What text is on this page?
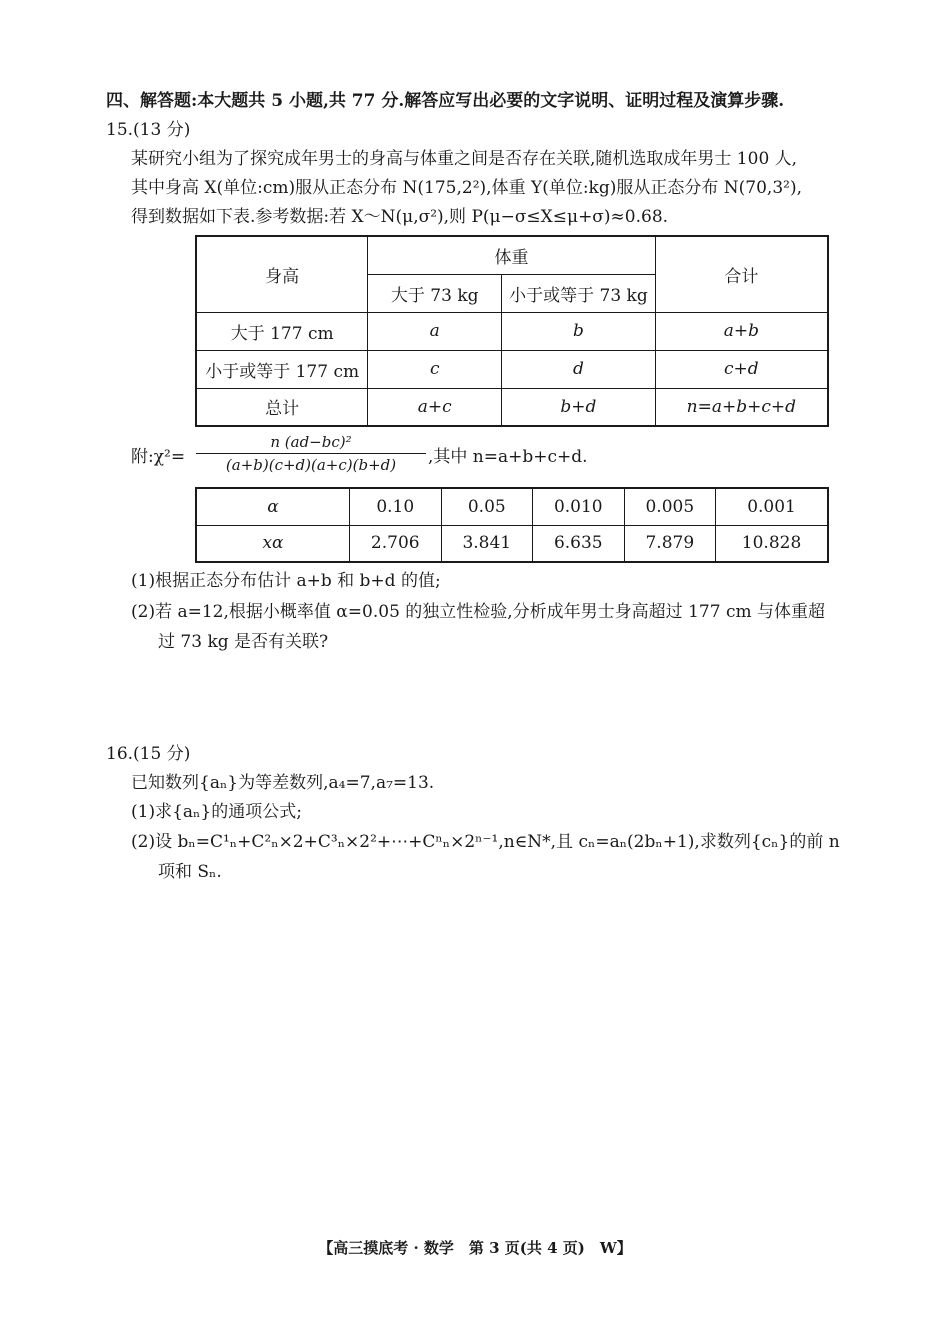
四、解答题:本大题共 5 小题,共 77 分.解答应写出必要的文字说明、证明过程及演算步骤.
15.(13 分)
某研究小组为了探究成年男士的身高与体重之间是否存在关联,随机选取成年男士 100 人,
其中身高 X(单位:cm)服从正态分布 N(175,2²),体重 Y(单位:kg)服从正态分布 N(70,3²),
得到数据如下表.参考数据:若 X～N(μ,σ²),则 P(μ−σ≤X≤μ+σ)≈0.68.
身高	体重		合计
	大于 73 kg	小于或等于 73 kg	
大于 177 cm	a	b	a+b
小于或等于 177 cm	c	d	c+d
总计	a+c	b+d	n=a+b+c+d
附:χ²=
n (ad−bc)²
(a+b)(c+d)(a+c)(b+d)	,其中 n=a+b+c+d.
α	0.10	0.05	0.010	0.005	0.001
xα	2.706	3.841	6.635	7.879	10.828
(1)根据正态分布估计 a+b 和 b+d 的值;
(2)若 a=12,根据小概率值 α=0.05 的独立性检验,分析成年男士身高超过 177 cm 与体重超
过 73 kg 是否有关联?
16.(15 分)
已知数列{aₙ}为等差数列,a₄=7,a₇=13.
(1)求{aₙ}的通项公式;
(2)设 bₙ=C¹ₙ+C²ₙ×2+C³ₙ×2²+⋯+Cⁿₙ×2ⁿ⁻¹,n∈N*,且 cₙ=aₙ(2bₙ+1),求数列{cₙ}的前 n
项和 Sₙ.
【高三摸底考 · 数学　第 3 页(共 4 页)　W】
